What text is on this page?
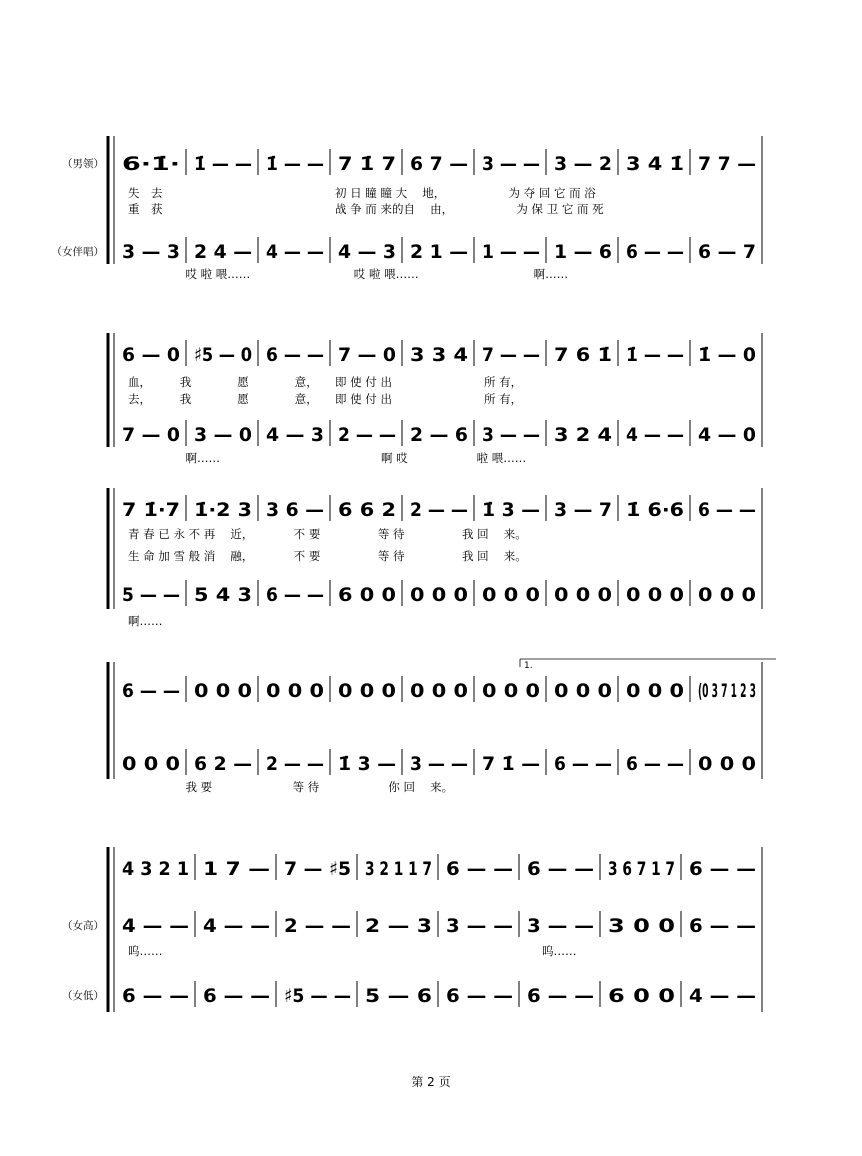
6·1̇· 1̇ — — 1̇ — — 7 1̇ 7 6 7 — 3 — — 3 — 2 3 4 1̇ 7 7 —
（男领）
3 — 3 2 4 — 4 — — 4 — 3 2 1 — 1 — — 1 — 6 6 — — 6 — 7
（女伴唱）
失　去　　　　　　　　　　　　　　　初 日 瞳 瞳 大　 地，　　　　　　为 夺 回 它 而 浴
重　获　　　　　　　　　　　　　　　战 争 而 来的自　 由，　　　　　　为 保 卫 它 而 死
　　　　　哎 啦 喂……　　　　　　　　　哎 啦 喂……　　　　　　　　　　啊……
6 — 0 ♯5 — 0 6 — — 7 — 0 3 3 4 7 — — 7 6 1̇ 1̇ — — 1̇ — 0
7 — 0 3 — 0 4 — 3 2 — — 2 — 6 3 — — 3 2 4 4 — — 4 — 0
血，　　　我　　　　愿　　　　意，　　即 使 付 出　　　　　　　　所 有，
去，　　　我　　　　愿　　　　意，　　即 使 付 出　　　　　　　　所 有，
　　　　　啊……　　　　　　　　　　　　　　啊 哎　　　　　　啦 喂……
7 1̇·7 1̇·2 3 3 6 — 6 6 2 2 — — 1̇ 3 — 3 — 7 1̇ 6·6 6 — —
5 — — 5 4 3 6 — — 6 0 0 0 0 0 0 0 0 0 0 0 0 0 0 0 0 0
青 春 已 永 不 再　 近，　　　　不 要　　　　　等 待　　　　　我 回　 来。
生 命 加 雪 般 消　 融，　　　　不 要　　　　　等 待　　　　　我 回　 来。
啊……
1.
6 — — 0 0 0 0 0 0 0 0 0 0 0 0 0 0 0 0 0 0 0 0 0 (0 3 7 1 2 3
0 0 0 6 2 — 2 — — 1̇ 3 — 3 — — 7 1̇ — 6 — — 6 — — 0 0 0
　　　　　我 要　　　　　　　等 待　　　　　　你 回　 来。
4 3 2 1 1 7 — 7 — ♯5 3 2 1 1 7 6 — — 6 — — 3 6 7 1 7 6 — —
4 — — 4 — — 2 — — 2 — 3 3 — — 3 — — 3 0 0 6 — —
（女高）
6 — — 6 — — ♯5 — — 5 — 6 6 — — 6 — — 6 0 0 4 — —
（女低）
呜……　　　　　　　　　　　　　　　　　　　　　　　　　　　　　　　　　呜……
第 2 页
